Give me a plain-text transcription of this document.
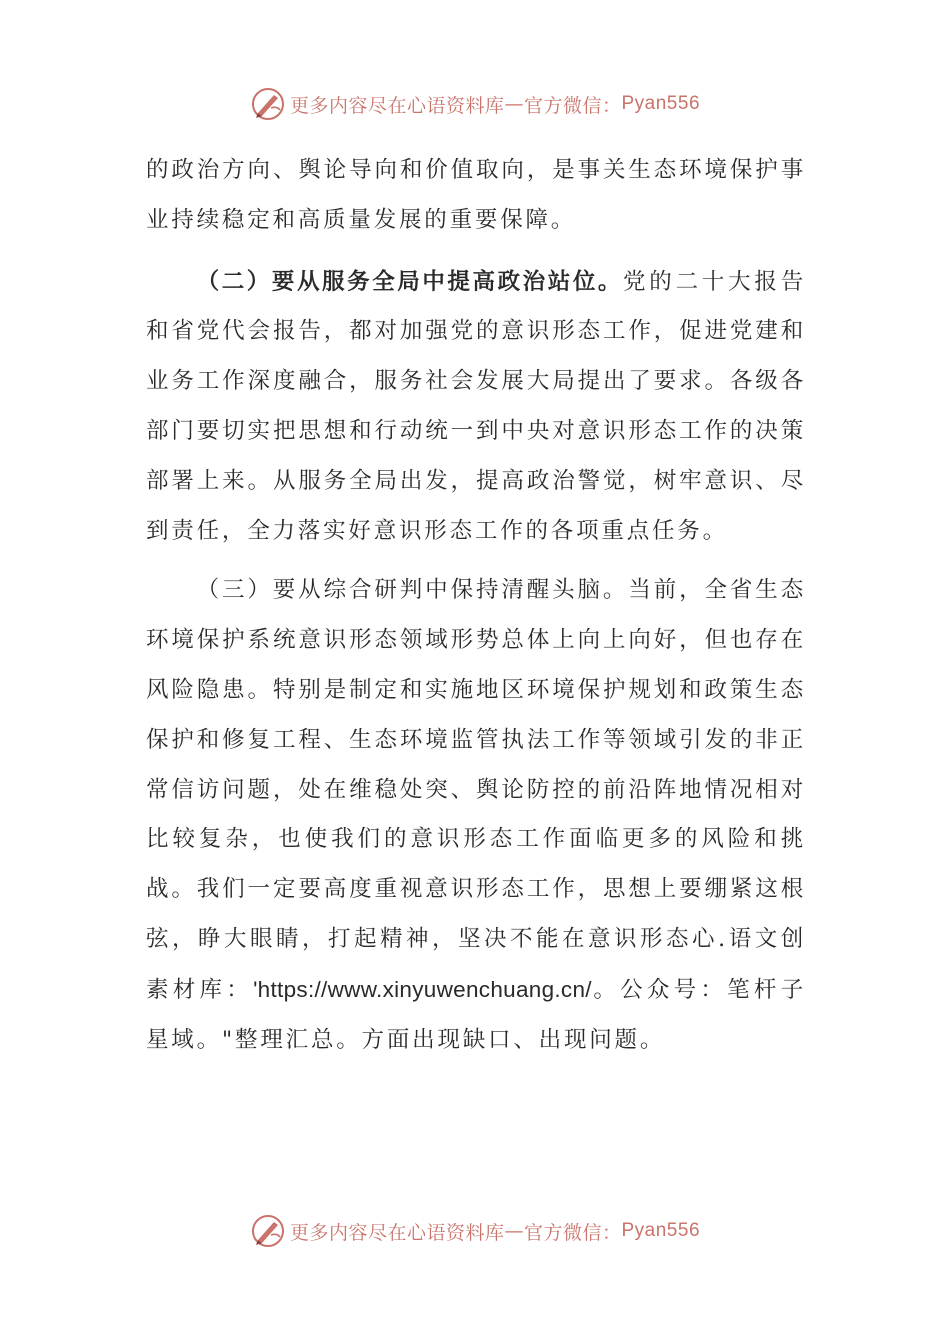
更多内容尽在心语资料库 — 官方微信： Pyan556

的政治方向、舆论导向和价值取向，是事关生态环境保护事业持续稳定和高质量发展的重要保障。

（二）要从服务全局中提高政治站位。党的二十大报告和省党代会报告，都对加强党的意识形态工作，促进党建和业务工作深度融合，服务社会发展大局提出了要求。各级各部门要切实把思想和行动统一到中央对意识形态工作的决策部署上来。从服务全局出发，提高政治警觉，树牢意识、尽到责任，全力落实好意识形态工作的各项重点任务。

（三）要从综合研判中保持清醒头脑。当前，全省生态环境保护系统意识形态领域形势总体上向上向好，但也存在风险隐患。特别是制定和实施地区环境保护规划和政策生态保护和修复工程、生态环境监管执法工作等领域引发的非正常信访问题，处在维稳处突、舆论防控的前沿阵地情况相对比较复杂，也使我们的意识形态工作面临更多的风险和挑战。我们一定要高度重视意识形态工作，思想上要绷紧这根弦，睁大眼睛，打起精神，坚决不能在意识形态心.语文创素材库：'https://www.xinyuwenchuang.cn/。公众号：笔杆子星域。"整理汇总。方面出现缺口、出现问题。

更多内容尽在心语资料库 — 官方微信： Pyan556
